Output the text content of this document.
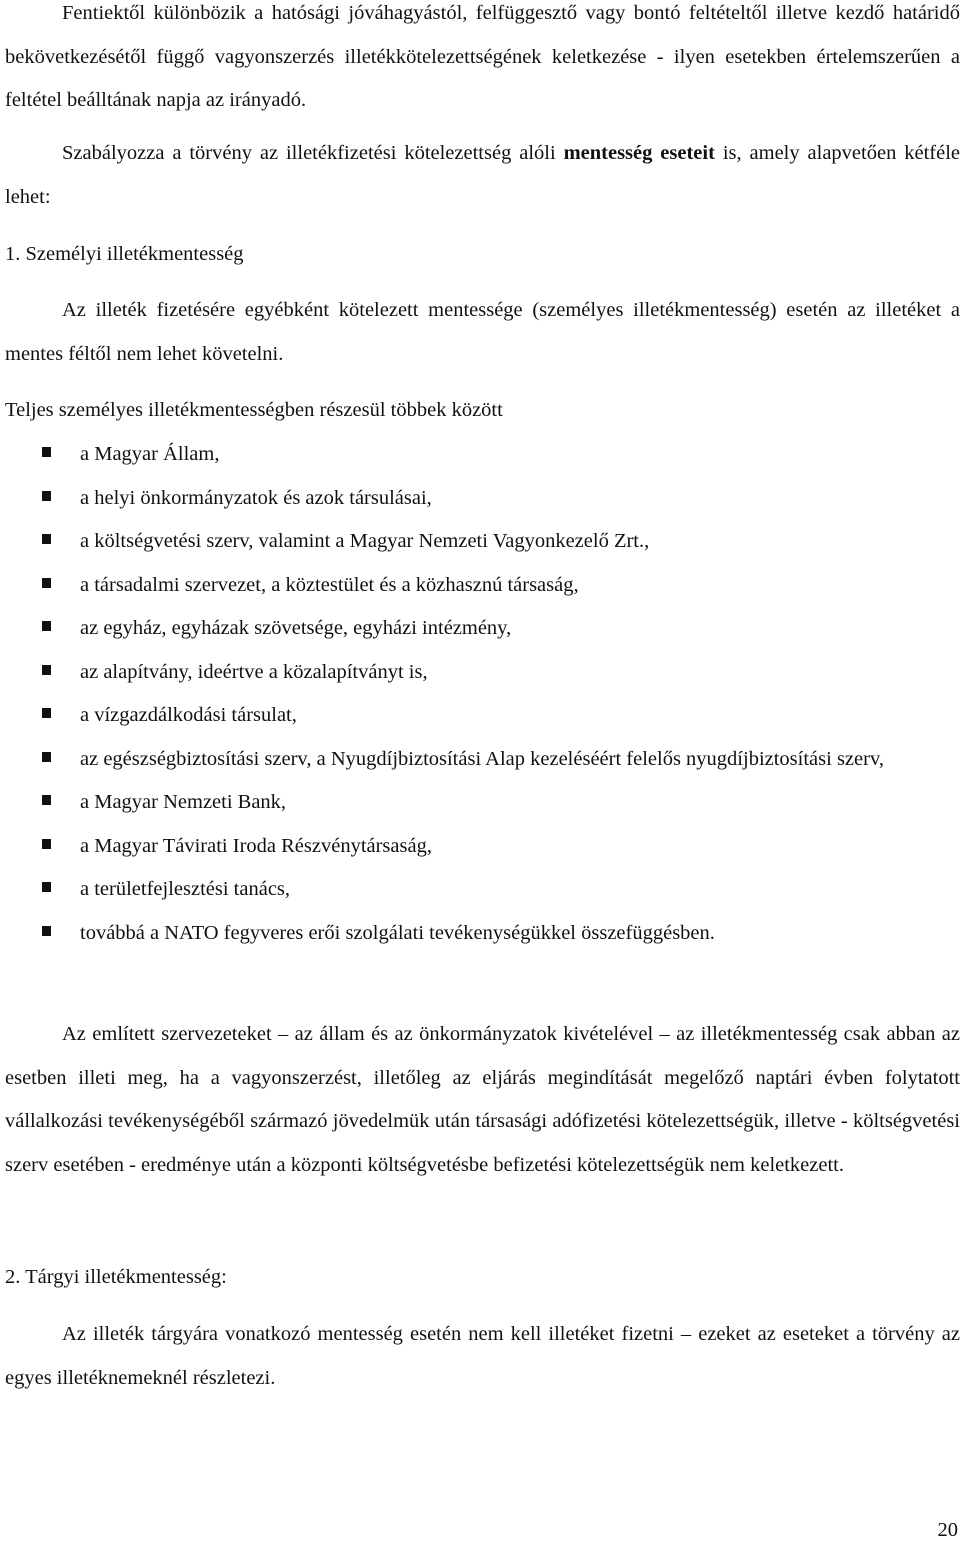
Fentiektől különbözik a hatósági jóváhagyástól, felfüggesztő vagy bontó feltételtől illetve kezdő határidő bekövetkezésétől függő vagyonszerzés illetékkötelezettségének keletkezése - ilyen esetekben értelemszerűen a feltétel beálltának napja az irányadó.

Szabályozza a törvény az illetékfizetési kötelezettség alóli mentesség eseteit is, amely alapvetően kétféle lehet:

1. Személyi illetékmentesség

Az illeték fizetésére egyébként kötelezett mentessége (személyes illetékmentesség) esetén az illetéket a mentes féltől nem lehet követelni.

Teljes személyes illetékmentességben részesül többek között

a Magyar Állam,
a helyi önkormányzatok és azok társulásai,
a költségvetési szerv, valamint a Magyar Nemzeti Vagyonkezelő Zrt.,
a társadalmi szervezet, a köztestület és a közhasznú társaság,
az egyház, egyházak szövetsége, egyházi intézmény,
az alapítvány, ideértve a közalapítványt is,
a vízgazdálkodási társulat,
az egészségbiztosítási szerv, a Nyugdíjbiztosítási Alap kezeléséért felelős nyugdíjbiztosítási szerv,
a Magyar Nemzeti Bank,
a Magyar Távirati Iroda Részvénytársaság,
a területfejlesztési tanács,
továbbá a NATO fegyveres erői szolgálati tevékenységükkel összefüggésben.

Az említett szervezeteket – az állam és az önkormányzatok kivételével – az illetékmentesség csak abban az esetben illeti meg, ha a vagyonszerzést, illetőleg az eljárás megindítását megelőző naptári évben folytatott vállalkozási tevékenységéből származó jövedelmük után társasági adófizetési kötelezettségük, illetve - költségvetési szerv esetében - eredménye után a központi költségvetésbe befizetési kötelezettségük nem keletkezett.

2. Tárgyi illetékmentesség:

Az illeték tárgyára vonatkozó mentesség esetén nem kell illetéket fizetni – ezeket az eseteket a törvény az egyes illetéknemeknél részletezi.

20
